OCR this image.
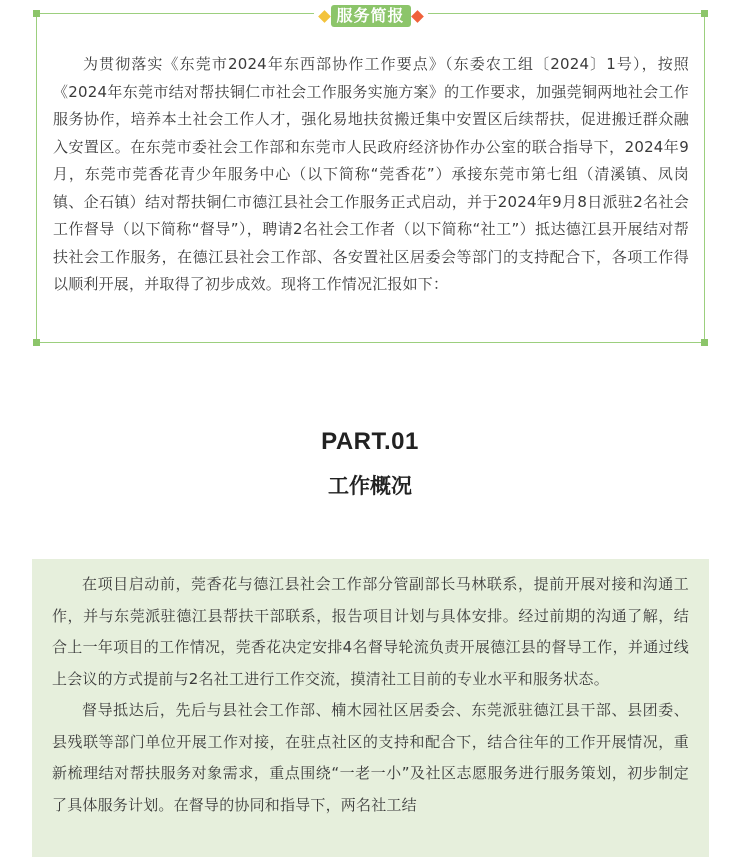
服务简报

为贯彻落实《东莞市2024年东西部协作工作要点》（东委农工组〔2024〕1号），按照《2024年东莞市结对帮扶铜仁市社会工作服务实施方案》的工作要求，加强莞铜两地社会工作服务协作，培养本土社会工作人才，强化易地扶贫搬迁集中安置区后续帮扶，促进搬迁群众融入安置区。在东莞市委社会工作部和东莞市人民政府经济协作办公室的联合指导下，2024年9月，东莞市莞香花青少年服务中心（以下简称“莞香花”）承接东莞市第七组（清溪镇、凤岗镇、企石镇）结对帮扶铜仁市德江县社会工作服务正式启动，并于2024年9月8日派驻2名社会工作督导（以下简称“督导”），聘请2名社会工作者（以下简称“社工”）抵达德江县开展结对帮扶社会工作服务，在德江县社会工作部、各安置社区居委会等部门的支持配合下，各项工作得以顺利开展，并取得了初步成效。现将工作情况汇报如下：

PART.01
工作概况

在项目启动前，莞香花与德江县社会工作部分管副部长马林联系，提前开展对接和沟通工作，并与东莞派驻德江县帮扶干部联系，报告项目计划与具体安排。经过前期的沟通了解，结合上一年项目的工作情况，莞香花决定安排4名督导轮流负责开展德江县的督导工作，并通过线上会议的方式提前与2名社工进行工作交流，摸清社工目前的专业水平和服务状态。

督导抵达后，先后与县社会工作部、楠木园社区居委会、东莞派驻德江县干部、县团委、县残联等部门单位开展工作对接，在驻点社区的支持和配合下，结合往年的工作开展情况，重新梳理结对帮扶服务对象需求，重点围绕“一老一小”及社区志愿服务进行服务策划，初步制定了具体服务计划。在督导的协同和指导下，两名社工结
